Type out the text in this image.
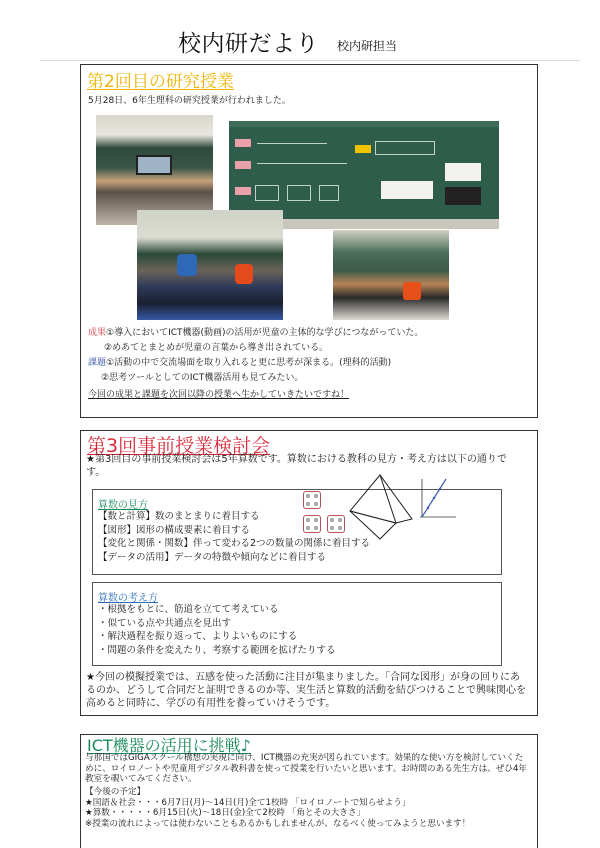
校内研だより 校内研担当
第2回目の研究授業
5月28日、6年生理科の研究授業が行われました。
成果①導入においてICT機器(動画)の活用が児童の主体的な学びにつながっていた。
②めあてとまとめが児童の言葉から導き出されている。
課題①活動の中で交流場面を取り入れると更に思考が深まる。(理科的活動)
②思考ツールとしてのICT機器活用も見てみたい。
今回の成果と課題を次回以降の授業へ生かしていきたいですね！
第3回事前授業検討会
★第3回目の事前授業検討会は5年算数です。算数における教科の見方・考え方は以下の通りです。
算数の見方
【数と計算】数のまとまりに着目する
【図形】図形の構成要素に着目する
【変化と関係・関数】伴って変わる2つの数量の関係に着目する
【データの活用】データの特徴や傾向などに着目する
算数の考え方
・根拠をもとに、筋道を立てて考えている
・似ている点や共通点を見出す
・解決過程を振り返って、よりよいものにする
・問題の条件を変えたり、考察する範囲を拡げたりする
★今回の模擬授業では、五感を使った活動に注目が集まりました。「合同な図形」が身の回りにあるのか、どうして合同だと証明できるのか等、実生活と算数的活動を結びつけることで興味関心を高めると同時に、学びの有用性を養っていけそうです。
ICT機器の活用に挑戦♪
与那国ではGIGAスクール構想の実現に向け、ICT機器の充実が図られています。効果的な使い方を検討していくために、ロイロノートや児童用デジタル教科書を使って授業を行いたいと思います。お時間のある先生方は、ぜひ4年教室を覗いてみてください。
【今後の予定】
★国語＆社会・・・6月7日(月)～14日(月)全て1校時 「ロイロノートで知らせよう」
★算数・・・・・6月15日(火)～18日(金)全て2校時 「角とその大きさ」
※授業の流れによっては使わないこともあるかもしれませんが、なるべく使ってみようと思います！
